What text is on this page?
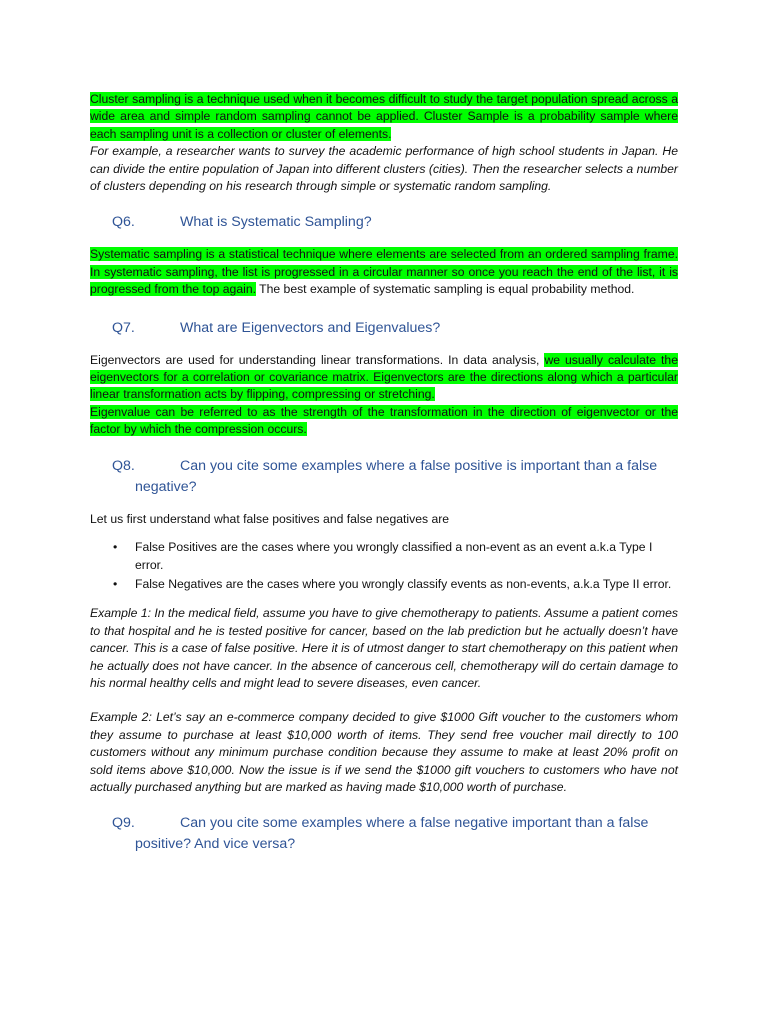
Cluster sampling is a technique used when it becomes difficult to study the target population spread across a wide area and simple random sampling cannot be applied. Cluster Sample is a probability sample where each sampling unit is a collection or cluster of elements.

For example, a researcher wants to survey the academic performance of high school students in Japan. He can divide the entire population of Japan into different clusters (cities). Then the researcher selects a number of clusters depending on his research through simple or systematic random sampling.

Q6.	What is Systematic Sampling?

Systematic sampling is a statistical technique where elements are selected from an ordered sampling frame. In systematic sampling, the list is progressed in a circular manner so once you reach the end of the list, it is progressed from the top again. The best example of systematic sampling is equal probability method.

Q7.	What are Eigenvectors and Eigenvalues?

Eigenvectors are used for understanding linear transformations. In data analysis, we usually calculate the eigenvectors for a correlation or covariance matrix. Eigenvectors are the directions along which a particular linear transformation acts by flipping, compressing or stretching.

Eigenvalue can be referred to as the strength of the transformation in the direction of eigenvector or the factor by which the compression occurs.

Q8.	Can you cite some examples where a false positive is important than a false negative?

Let us first understand what false positives and false negatives are

• False Positives are the cases where you wrongly classified a non-event as an event a.k.a Type I error.
• False Negatives are the cases where you wrongly classify events as non-events, a.k.a Type II error.

Example 1: In the medical field, assume you have to give chemotherapy to patients. Assume a patient comes to that hospital and he is tested positive for cancer, based on the lab prediction but he actually doesn’t have cancer. This is a case of false positive. Here it is of utmost danger to start chemotherapy on this patient when he actually does not have cancer. In the absence of cancerous cell, chemotherapy will do certain damage to his normal healthy cells and might lead to severe diseases, even cancer.

Example 2: Let’s say an e-commerce company decided to give $1000 Gift voucher to the customers whom they assume to purchase at least $10,000 worth of items. They send free voucher mail directly to 100 customers without any minimum purchase condition because they assume to make at least 20% profit on sold items above $10,000. Now the issue is if we send the $1000 gift vouchers to customers who have not actually purchased anything but are marked as having made $10,000 worth of purchase.

Q9.	Can you cite some examples where a false negative important than a false positive? And vice versa?
